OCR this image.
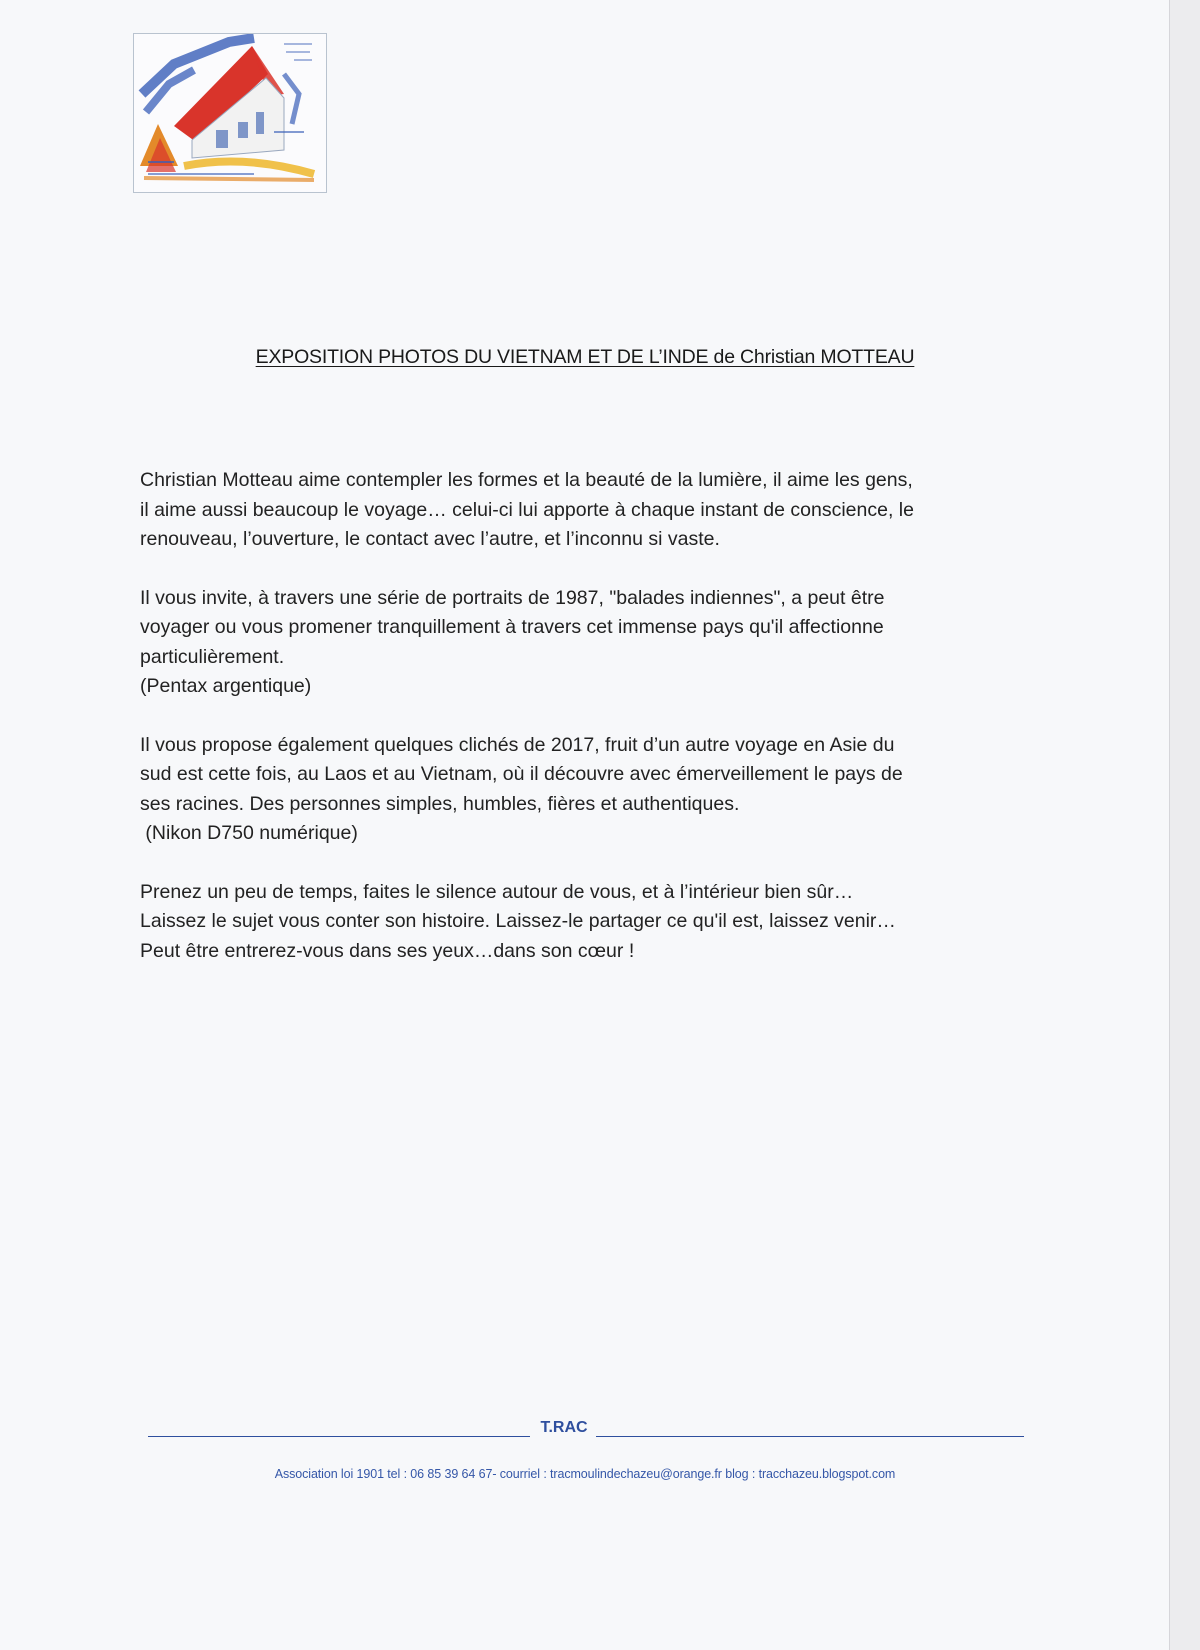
EXPOSITION PHOTOS DU VIETNAM ET DE L’INDE de Christian MOTTEAU

Christian Motteau aime contempler les formes et la beauté de la lumière, il aime les gens,
il aime aussi beaucoup le voyage… celui-ci lui apporte à chaque instant de conscience, le
renouveau, l’ouverture, le contact avec l’autre, et l’inconnu si vaste.

Il vous invite, à travers une série de portraits de 1987, "balades indiennes", a peut être
voyager ou vous promener tranquillement à travers cet immense pays qu'il affectionne
particulièrement.
(Pentax argentique)

Il vous propose également quelques clichés de 2017, fruit d’un autre voyage en Asie du
sud est cette fois, au Laos et au Vietnam, où il découvre avec émerveillement le pays de
ses racines. Des personnes simples, humbles, fières et authentiques.
(Nikon D750 numérique)

Prenez un peu de temps, faites le silence autour de vous, et à l’intérieur bien sûr…
Laissez le sujet vous conter son histoire. Laissez-le partager ce qu'il est, laissez venir…
Peut être entrerez-vous dans ses yeux…dans son cœur !

T.RAC
Association loi 1901 tel : 06 85 39 64 67- courriel : tracmoulindechazeu@orange.fr blog : tracchazeu.blogspot.com
